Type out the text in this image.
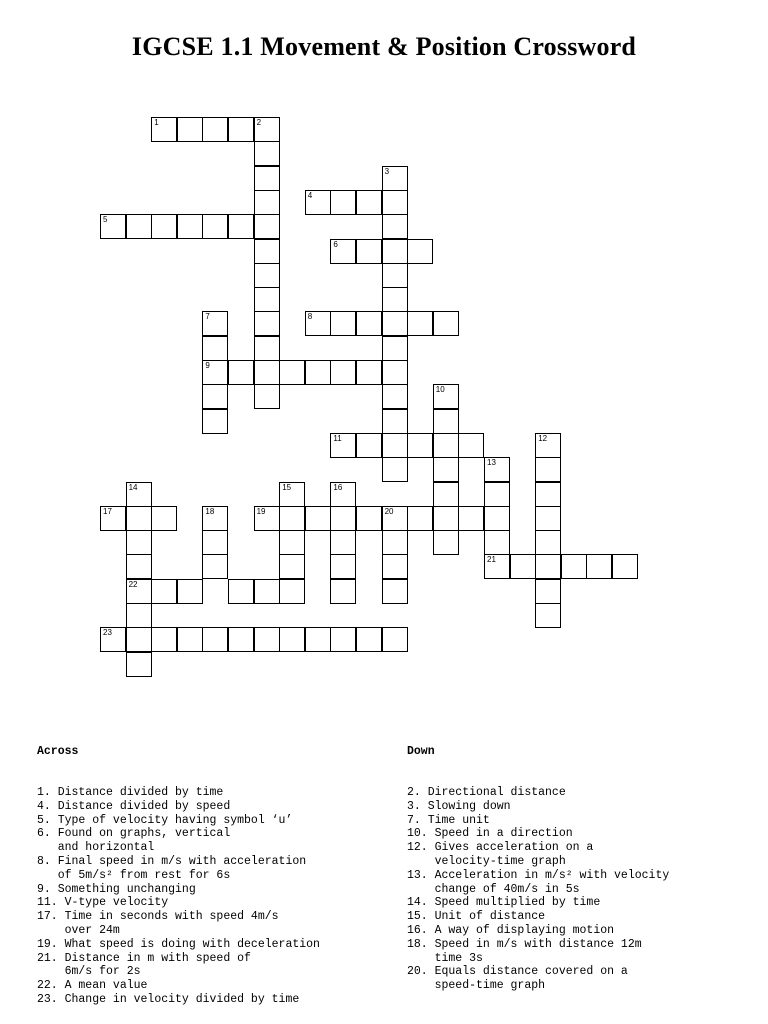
IGCSE 1.1 Movement & Position Crossword
1	2
3
4
5
6
7
9
8
10
11	12
13
21
14
22
15	16
17	18	19	20
23

Across

1. Distance divided by time
4. Distance divided by speed
5. Type of velocity having symbol ‘u’
6. Found on graphs, vertical
and horizontal
8. Final speed in m/s with acceleration
of 5m/s² from rest for 6s
9. Something unchanging
11. V-type velocity
17. Time in seconds with speed 4m/s
over 24m
19. What speed is doing with deceleration
21. Distance in m with speed of
6m/s for 2s
22. A mean value
23. Change in velocity divided by time

Down

2. Directional distance
3. Slowing down
7. Time unit
10. Speed in a direction
12. Gives acceleration on a
velocity-time graph
13. Acceleration in m/s² with velocity
change of 40m/s in 5s
14. Speed multiplied by time
15. Unit of distance
16. A way of displaying motion
18. Speed in m/s with distance 12m
time 3s
20. Equals distance covered on a
speed-time graph
